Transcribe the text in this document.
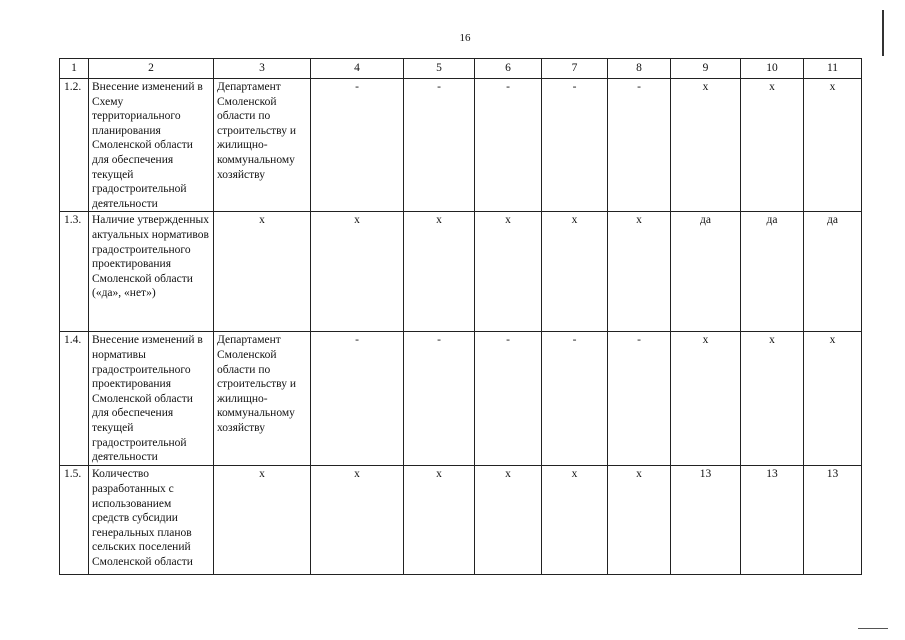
16
1	2	3	4	5	6	7	8	9	10	11
1.2.	Внесение изменений в Схему территориального планирования Смоленской области для обеспечения текущей градостроительной деятельности	Департамент Смоленской области по строительству и жилищно-коммунальному хозяйству	-	-	-	-	-	х	х	х
1.3.	Наличие утвержденных актуальных нормативов градостроительного проектирования Смоленской области («да», «нет»)	х	х	х	х	х	х	да	да	да
1.4.	Внесение изменений в нормативы градостроительного проектирования Смоленской области для обеспечения текущей градостроительной деятельности	Департамент Смоленской области по строительству и жилищно-коммунальному хозяйству	-	-	-	-	-	х	х	х
1.5.	Количество разработанных с использованием средств субсидии генеральных планов сельских поселений Смоленской области	х	х	х	х	х	х	13	13	13
